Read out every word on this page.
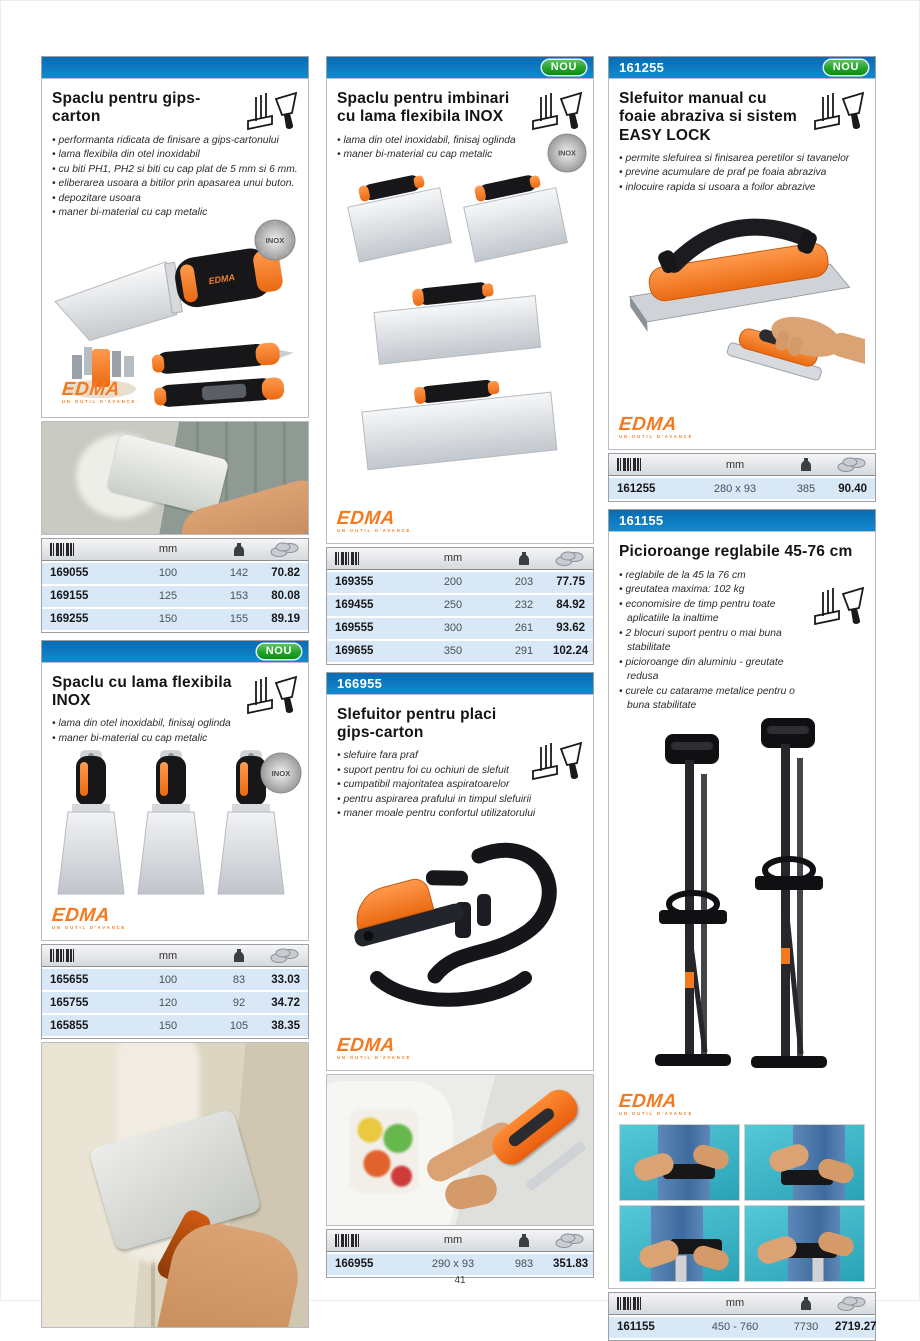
Spaclu pentru gips-carton
• performanta ridicata de finisare a gips-cartonului
• lama flexibila din otel inoxidabil
• cu biti PH1, PH2 si biti cu cap plat de 5 mm si 6 mm.
• eliberarea usoara a bitilor prin apasarea unui buton.
• depozitare usoara
• maner bi-material cu cap metalic
EDMA
INOX
EDMA
UN OUTIL D'AVANCE
mm
169055	100	142	70.82
169155	125	153	80.08
169255	150	155	89.19
NOU
Spaclu cu lama flexibila INOX
• lama din otel inoxidabil, finisaj oglinda
• maner bi-material cu cap metalic
INOX
EDMA
UN OUTIL D'AVANCE
mm
165655	100	83	33.03
165755	120	92	34.72
165855	150	105	38.35
NOU
Spaclu pentru imbinari cu lama flexibila INOX
• lama din otel inoxidabil, finisaj oglinda
• maner bi-material cu cap metalic	INOX
EDMA
UN OUTIL D'AVANCE
mm
169355	200	203	77.75
169455	250	232	84.92
169555	300	261	93.62
169655	350	291	102.24
166955
Slefuitor pentru placi gips-carton
• slefuire fara praf
• suport pentru foi cu ochiuri de slefuit
• cumpatibil majoritatea aspiratoarelor
• pentru aspirarea prafului in timpul slefuirii
• maner moale pentru confortul utilizatorului
EDMA
UN OUTIL D'AVANCE
mm
166955	290 x 93	983	351.83
161255	NOU
Slefuitor manual cu foaie abraziva si sistem EASY LOCK
• permite slefuirea si finisarea peretilor si tavanelor
• previne acumulare de praf pe foaia abraziva
• inlocuire rapida si usoara a foilor abrazive
EDMA
UN OUTIL D'AVANCE
mm
161255	280 x 93	385	90.40
161155
Picioroange reglabile 45-76 cm
• reglabile de la 45 la 76 cm
• greutatea maxima: 102 kg
• economisire de timp pentru toate aplicatiile la inaltime
• 2 blocuri suport pentru o mai buna stabilitate
• picioroange din aluminiu - greutate redusa
• curele cu catarame metalice pentru o buna stabilitate
EDMA
UN OUTIL D'AVANCE
mm
161155	450 - 760	7730	2719.27
41
